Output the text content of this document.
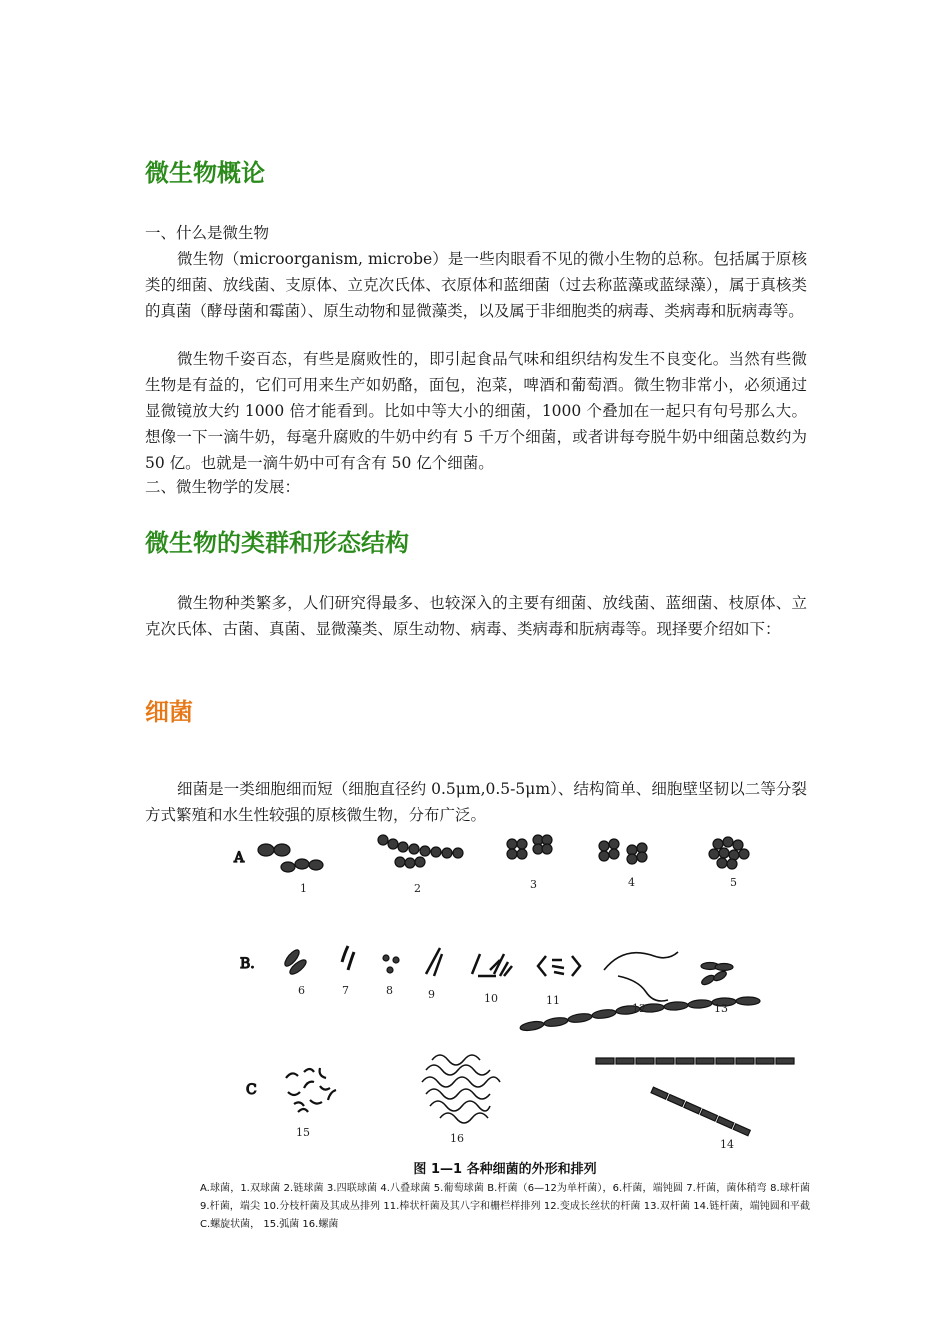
微生物概论

一、什么是微生物

微生物（microorganism, microbe）是一些肉眼看不见的微小生物的总称。包括属于原核类的细菌、放线菌、支原体、立克次氏体、衣原体和蓝细菌（过去称蓝藻或蓝绿藻），属于真核类的真菌（酵母菌和霉菌）、原生动物和显微藻类，以及属于非细胞类的病毒、类病毒和朊病毒等。

微生物千姿百态，有些是腐败性的，即引起食品气味和组织结构发生不良变化。当然有些微生物是有益的，它们可用来生产如奶酪，面包，泡菜，啤酒和葡萄酒。微生物非常小，必须通过显微镜放大约 1000 倍才能看到。比如中等大小的细菌，1000 个叠加在一起只有句号那么大。想像一下一滴牛奶，每毫升腐败的牛奶中约有 5 千万个细菌，或者讲每夸脱牛奶中细菌总数约为 50 亿。也就是一滴牛奶中可有含有 50 亿个细菌。

二、微生物学的发展：

微生物的类群和形态结构

微生物种类繁多，人们研究得最多、也较深入的主要有细菌、放线菌、蓝细菌、枝原体、立克次氏体、古菌、真菌、显微藻类、原生动物、病毒、类病毒和朊病毒等。现择要介绍如下：

细菌

细菌是一类细胞细而短（细胞直径约 0.5μm,0.5-5μm）、结构简单、细胞壁坚韧以二等分裂方式繁殖和水生性较强的原核微生物，分布广泛。

A
B.
C
1	2	3	4	5
6	7	8	9	10	11
12	13
14
15	16
图 1—1 各种细菌的外形和排列
A.球菌，1.双球菌 2.链球菌 3.四联球菌 4.八叠球菌 5.葡萄球菌 B.杆菌（6—12为单杆菌），6.杆菌，端钝圆 7.杆菌，菌体稍弯 8.球杆菌 9.杆菌，端尖 10.分枝杆菌及其成丛排列 11.棒状杆菌及其八字和栅栏样排列 12.变成长丝状的杆菌 13.双杆菌 14.链杆菌，端钝圆和平截 C.螺旋状菌， 15.弧菌 16.螺菌
